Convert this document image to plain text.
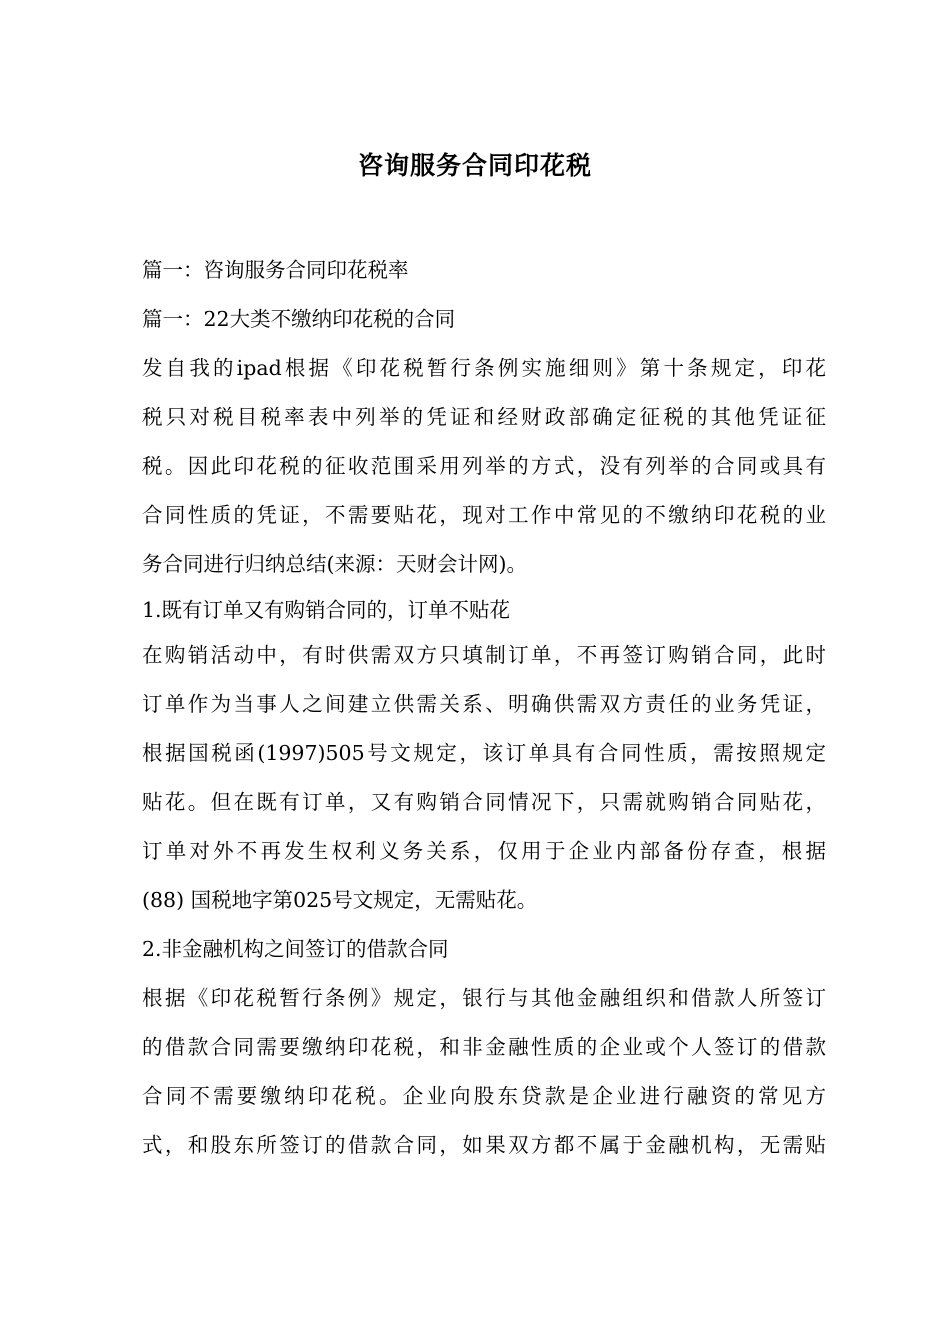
咨询服务合同印花税
篇一：咨询服务合同印花税率
篇一：22大类不缴纳印花税的合同
发自我的ipad根据《印花税暂行条例实施细则》第十条规定，印花
税只对税目税率表中列举的凭证和经财政部确定征税的其他凭证征
税。因此印花税的征收范围采用列举的方式，没有列举的合同或具有
合同性质的凭证，不需要贴花，现对工作中常见的不缴纳印花税的业
务合同进行归纳总结(来源：天财会计网)。
1.既有订单又有购销合同的，订单不贴花
在购销活动中，有时供需双方只填制订单，不再签订购销合同，此时
订单作为当事人之间建立供需关系、明确供需双方责任的业务凭证，
根据国税函(1997)505号文规定，该订单具有合同性质，需按照规定
贴花。但在既有订单，又有购销合同情况下，只需就购销合同贴花，
订单对外不再发生权利义务关系，仅用于企业内部备份存查，根据
(88) 国税地字第025号文规定，无需贴花。
2.非金融机构之间签订的借款合同
根据《印花税暂行条例》规定，银行与其他金融组织和借款人所签订
的借款合同需要缴纳印花税，和非金融性质的企业或个人签订的借款
合同不需要缴纳印花税。企业向股东贷款是企业进行融资的常见方
式，和股东所签订的借款合同，如果双方都不属于金融机构，无需贴
